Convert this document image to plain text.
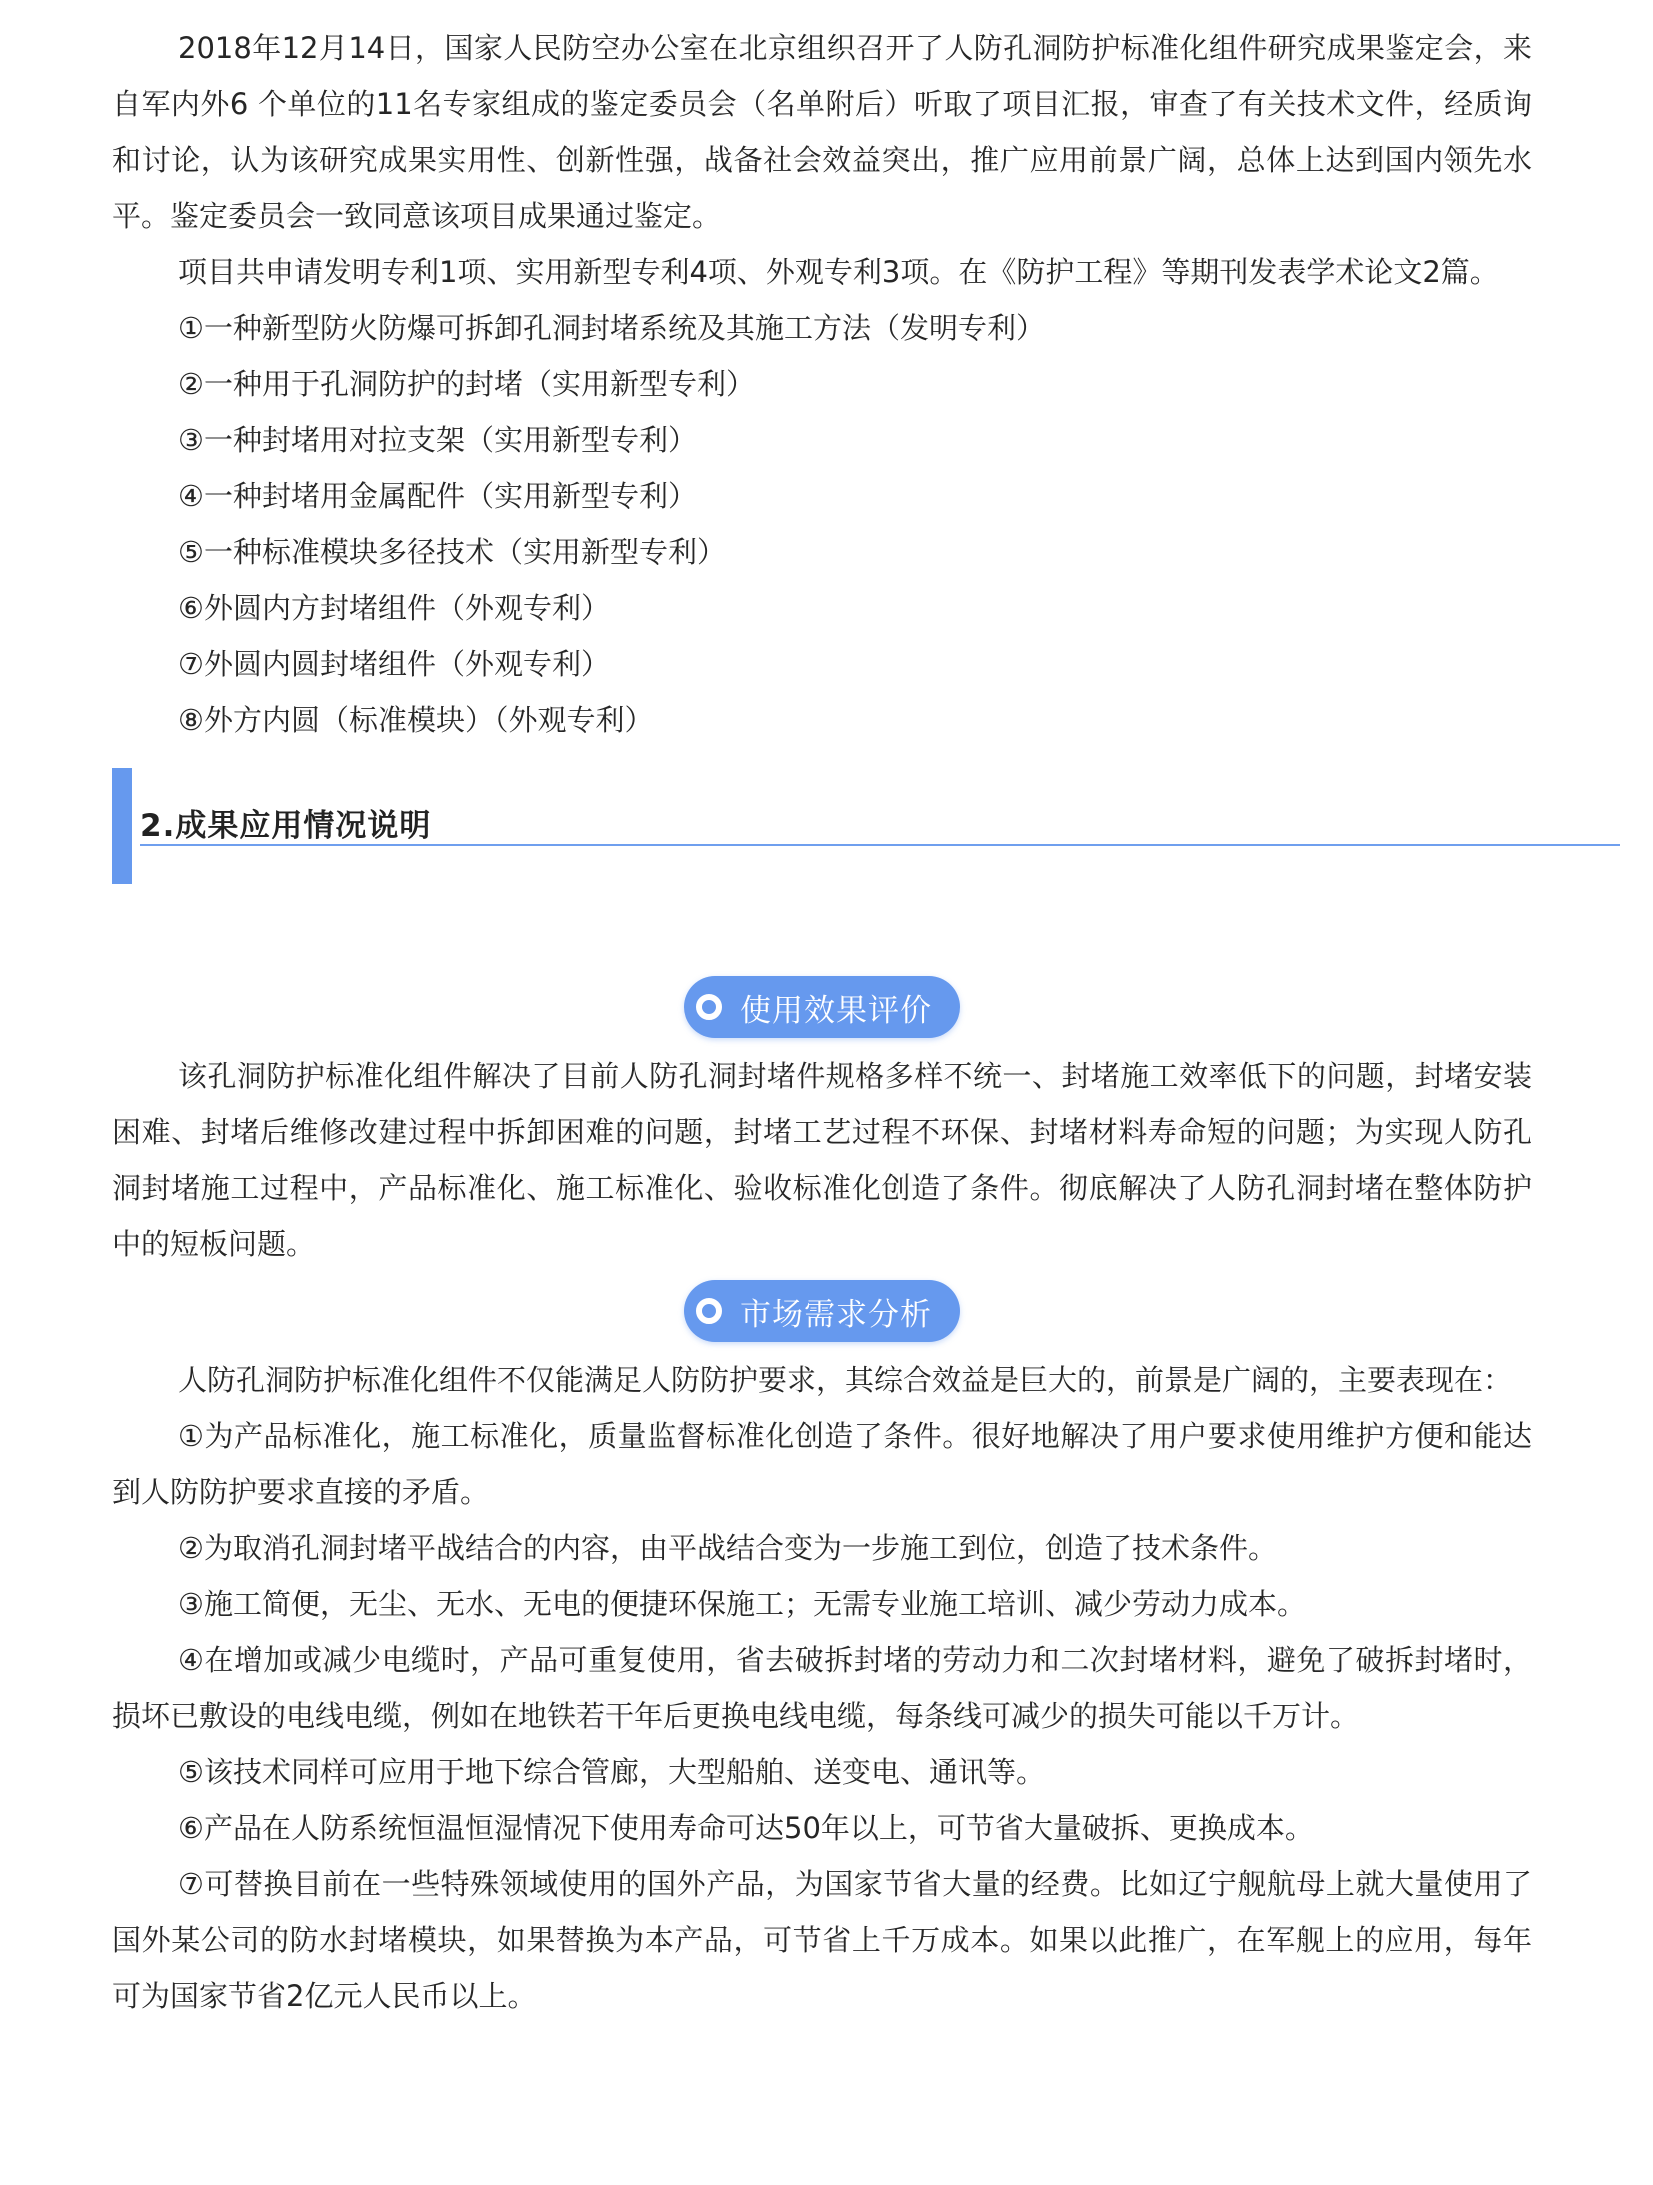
2018年12月14日，国家人民防空办公室在北京组织召开了人防孔洞防护标准化组件研究成果鉴定会，来自军内外6 个单位的11名专家组成的鉴定委员会（名单附后）听取了项目汇报，审查了有关技术文件，经质询和讨论，认为该研究成果实用性、创新性强，战备社会效益突出，推广应用前景广阔，总体上达到国内领先水平。鉴定委员会一致同意该项目成果通过鉴定。

项目共申请发明专利1项、实用新型专利4项、外观专利3项。在《防护工程》等期刊发表学术论文2篇。

①一种新型防火防爆可拆卸孔洞封堵系统及其施工方法（发明专利）

②一种用于孔洞防护的封堵（实用新型专利）

③一种封堵用对拉支架（实用新型专利）

④一种封堵用金属配件（实用新型专利）

⑤一种标准模块多径技术（实用新型专利）

⑥外圆内方封堵组件（外观专利）

⑦外圆内圆封堵组件（外观专利）

⑧外方内圆（标准模块）（外观专利）

2.成果应用情况说明
使用效果评价

该孔洞防护标准化组件解决了目前人防孔洞封堵件规格多样不统一、封堵施工效率低下的问题，封堵安装困难、封堵后维修改建过程中拆卸困难的问题，封堵工艺过程不环保、封堵材料寿命短的问题；为实现人防孔洞封堵施工过程中，产品标准化、施工标准化、验收标准化创造了条件。彻底解决了人防孔洞封堵在整体防护中的短板问题。

市场需求分析

人防孔洞防护标准化组件不仅能满足人防防护要求，其综合效益是巨大的，前景是广阔的，主要表现在：

①为产品标准化，施工标准化，质量监督标准化创造了条件。很好地解决了用户要求使用维护方便和能达到人防防护要求直接的矛盾。

②为取消孔洞封堵平战结合的内容，由平战结合变为一步施工到位，创造了技术条件。

③施工简便，无尘、无水、无电的便捷环保施工；无需专业施工培训、减少劳动力成本。

④在增加或减少电缆时，产品可重复使用，省去破拆封堵的劳动力和二次封堵材料，避免了破拆封堵时，损坏已敷设的电线电缆，例如在地铁若干年后更换电线电缆，每条线可减少的损失可能以千万计。

⑤该技术同样可应用于地下综合管廊，大型船舶、送变电、通讯等。

⑥产品在人防系统恒温恒湿情况下使用寿命可达50年以上，可节省大量破拆、更换成本。

⑦可替换目前在一些特殊领域使用的国外产品，为国家节省大量的经费。比如辽宁舰航母上就大量使用了国外某公司的防水封堵模块，如果替换为本产品，可节省上千万成本。如果以此推广，在军舰上的应用，每年可为国家节省2亿元人民币以上。
